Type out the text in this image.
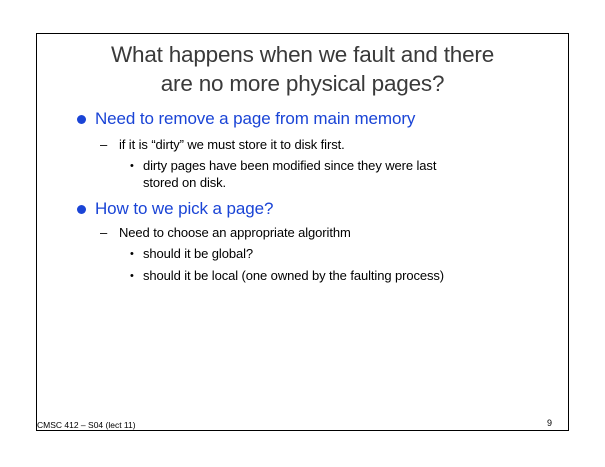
What happens when we fault and there
are no more physical pages?
Need to remove a page from main memory
– if it is “dirty” we must store it to disk first.
• dirty pages have been modified since they were last
stored on disk.
How to we pick a page?
– Need to choose an appropriate algorithm
• should it be global?
• should it be local (one owned by the faulting process)
CMSC 412 – S04 (lect 11)	9
